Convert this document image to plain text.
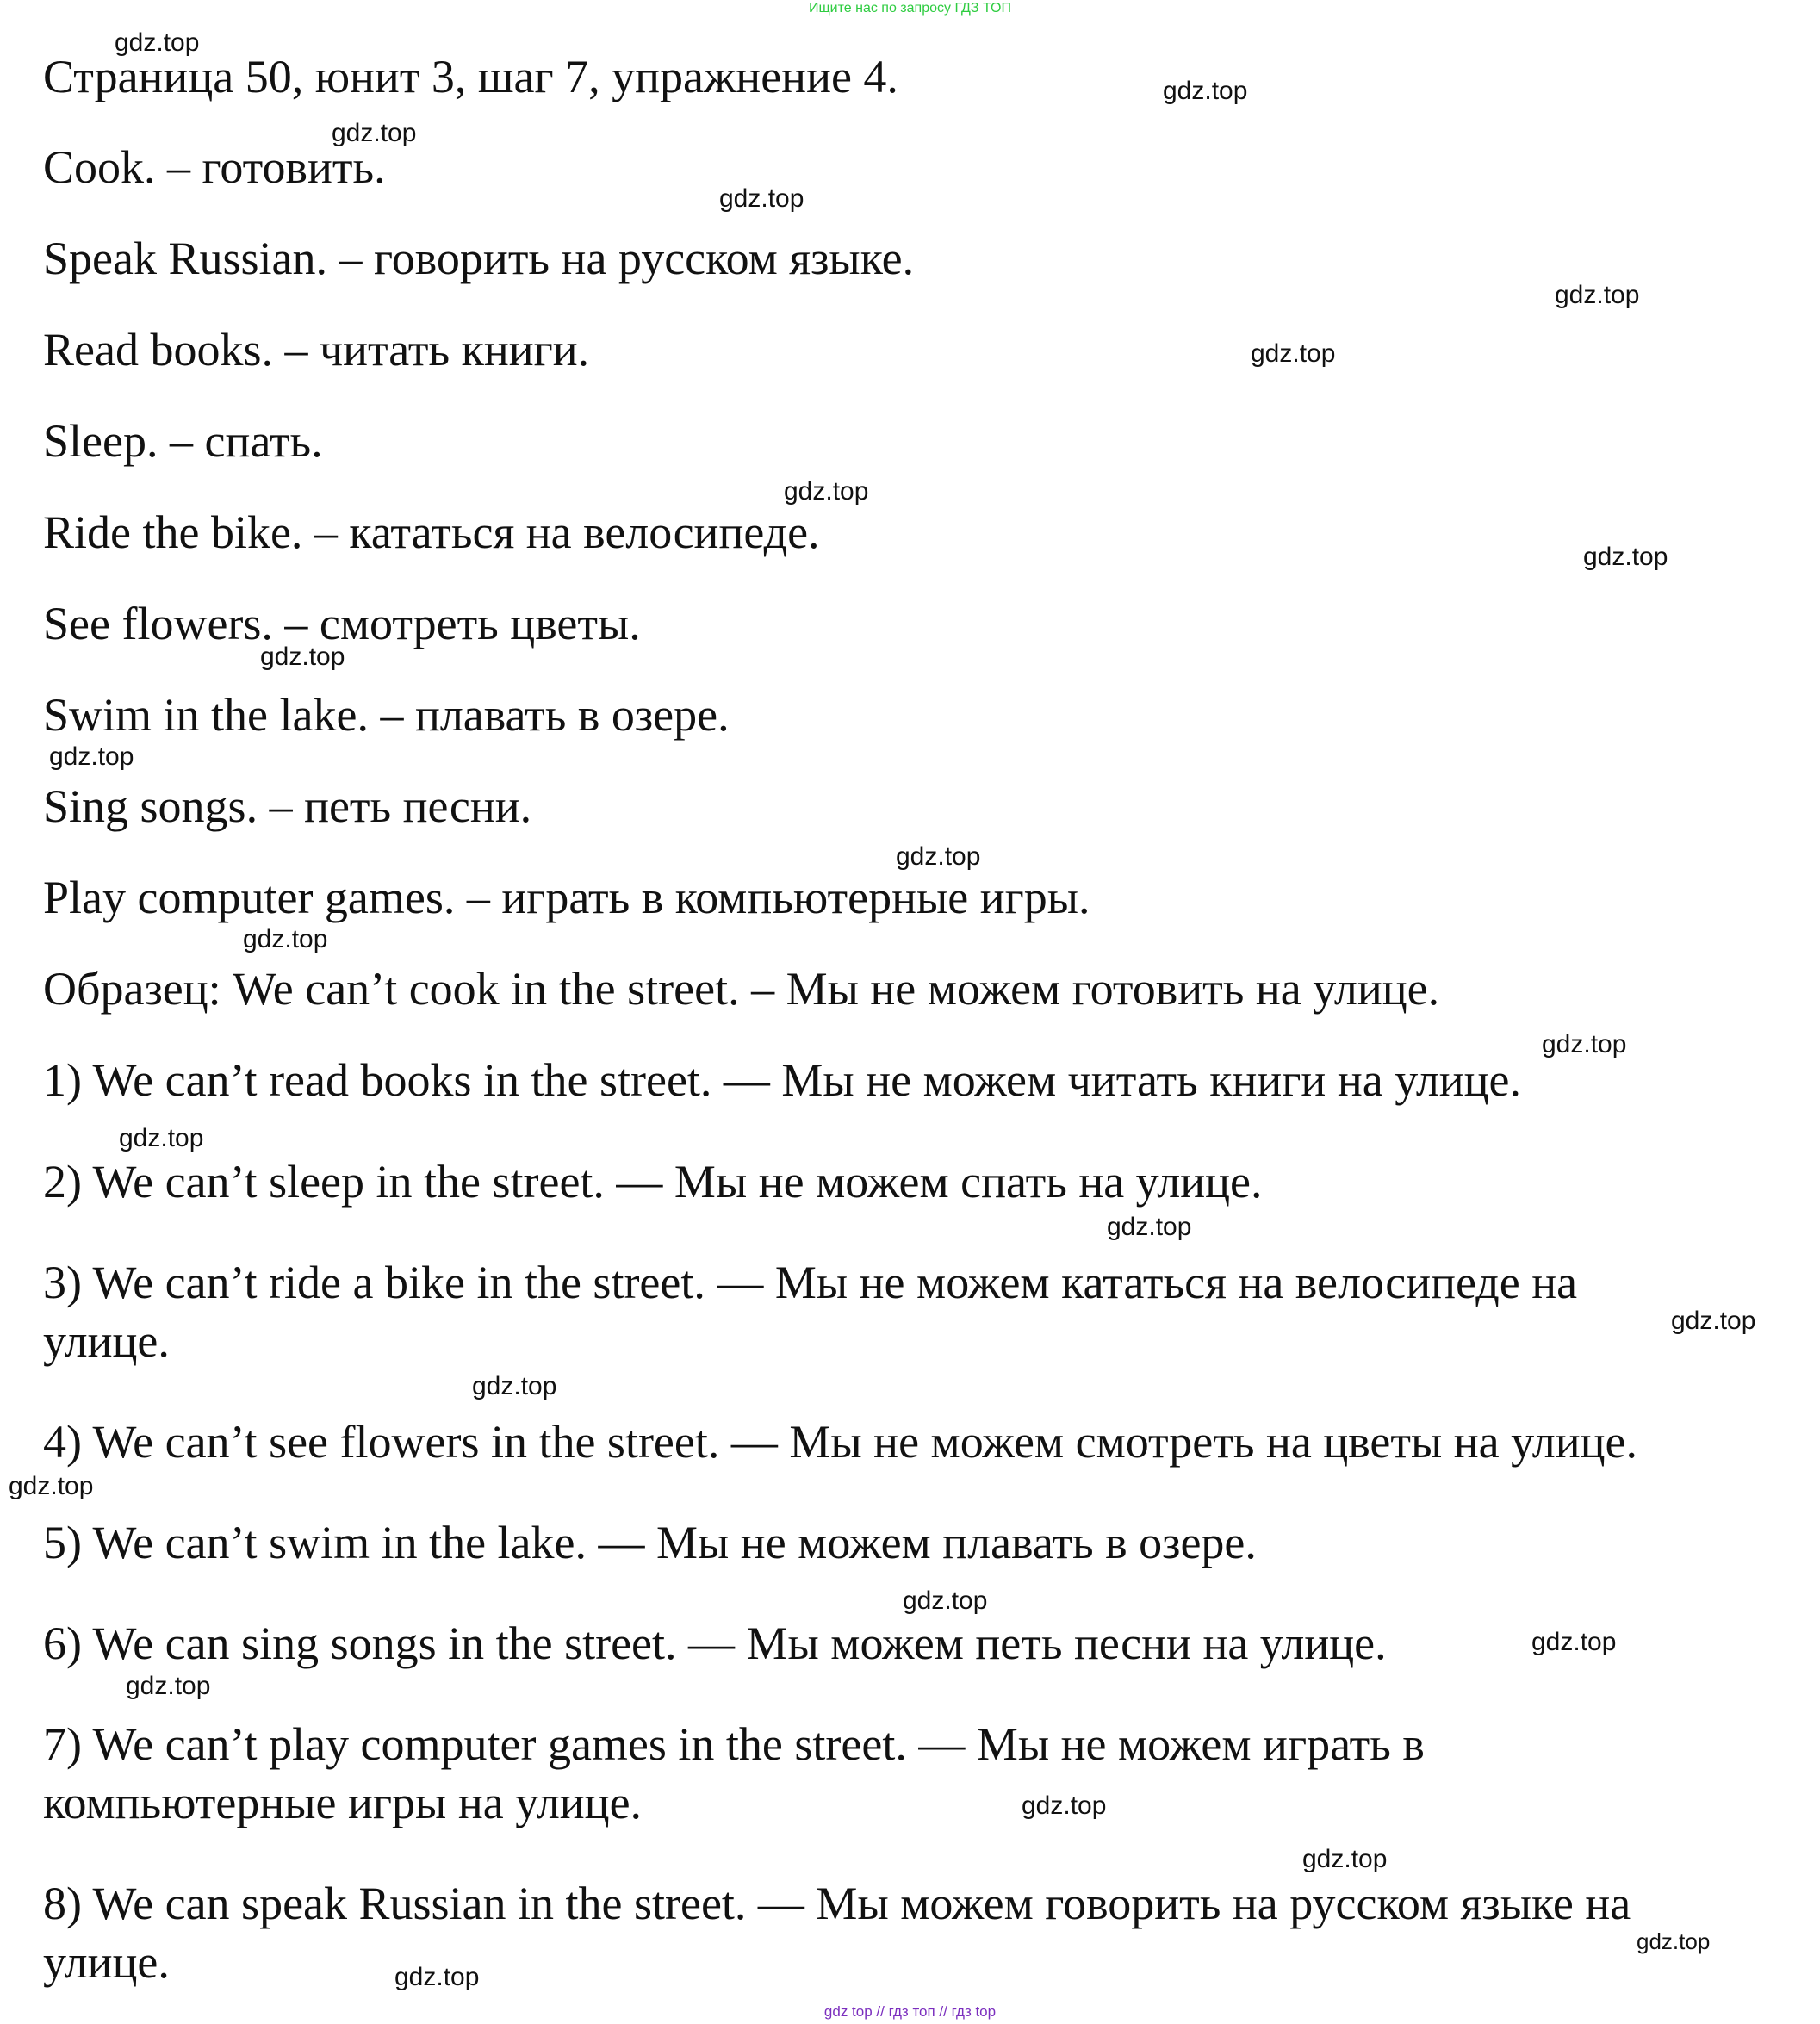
Ищите нас по запросу ГДЗ ТОП

Страница 50, юнит 3, шаг 7, упражнение 4.

Cook. – готовить.

Speak Russian. – говорить на русском языке.

Read books. – читать книги.

Sleep. – спать.

Ride the bike. – кататься на велосипеде.

See flowers. – смотреть цветы.

Swim in the lake. – плавать в озере.

Sing songs. – петь песни.

Play computer games. – играть в компьютерные игры.

Образец: We can’t cook in the street. – Мы не можем готовить на улице.

1) We can’t read books in the street. — Мы не можем читать книги на улице.

2) We can’t sleep in the street. — Мы не можем спать на улице.

3) We can’t ride a bike in the street. — Мы не можем кататься на велосипеде на

улице.

4) We can’t see flowers in the street. — Мы не можем смотреть на цветы на улице.

5) We can’t swim in the lake. — Мы не можем плавать в озере.

6) We can sing songs in the street. — Мы можем петь песни на улице.

7) We can’t play computer games in the street. — Мы не можем играть в

компьютерные игры на улице.

8) We can speak Russian in the street. — Мы можем говорить на русском языке на

улице.

gdz.top
gdz.top
gdz.top
gdz.top
gdz.top
gdz.top
gdz.top
gdz.top
gdz.top
gdz.top
gdz.top
gdz.top
gdz.top
gdz.top
gdz.top
gdz.top
gdz.top
gdz.top
gdz.top
gdz.top
gdz.top
gdz.top
gdz.top
gdz.top
gdz.top
gdz top // гдз топ // гдз top
